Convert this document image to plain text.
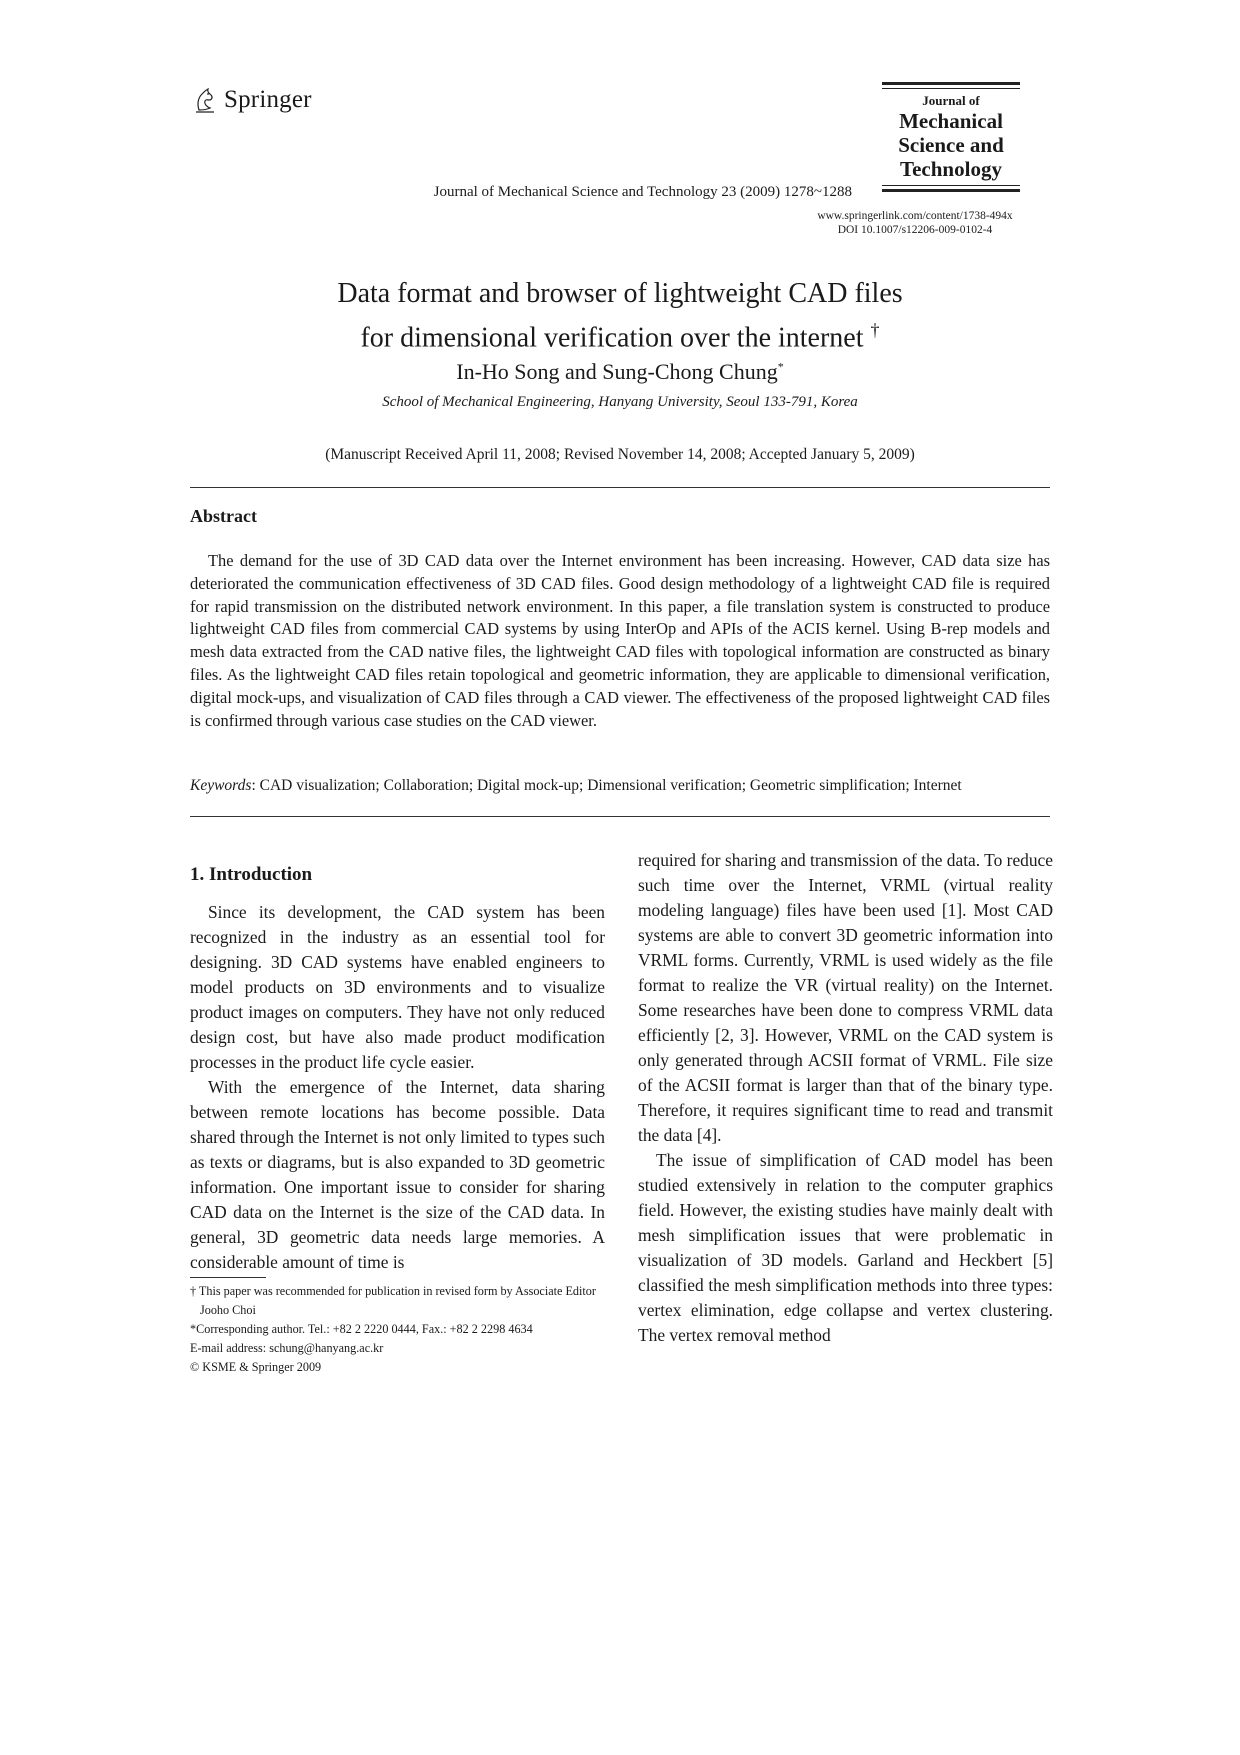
Springer	Journal of
Mechanical
Science and
Technology
Journal of Mechanical Science and Technology 23 (2009) 1278~1288
www.springerlink.com/content/1738-494x
DOI 10.1007/s12206-009-0102-4
Data format and browser of lightweight CAD files
for dimensional verification over the internet †
In-Ho Song and Sung-Chong Chung*
School of Mechanical Engineering, Hanyang University, Seoul 133-791, Korea
(Manuscript Received April 11, 2008; Revised November 14, 2008; Accepted January 5, 2009)
Abstract
The demand for the use of 3D CAD data over the Internet environment has been increasing. However, CAD data size has deteriorated the communication effectiveness of 3D CAD files. Good design methodology of a lightweight CAD file is required for rapid transmission on the distributed network environment. In this paper, a file translation system is constructed to produce lightweight CAD files from commercial CAD systems by using InterOp and APIs of the ACIS kernel. Using B-rep models and mesh data extracted from the CAD native files, the lightweight CAD files with topological information are constructed as binary files. As the lightweight CAD files retain topological and geometric information, they are applicable to dimensional verification, digital mock-ups, and visualization of CAD files through a CAD viewer. The effectiveness of the proposed lightweight CAD files is confirmed through various case studies on the CAD viewer.
Keywords: CAD visualization; Collaboration; Digital mock-up; Dimensional verification; Geometric simplification; Internet
1. Introduction

Since its development, the CAD system has been recognized in the industry as an essential tool for designing. 3D CAD systems have enabled engineers to model products on 3D environments and to visualize product images on computers. They have not only reduced design cost, but have also made product modification processes in the product life cycle easier.

With the emergence of the Internet, data sharing between remote locations has become possible. Data shared through the Internet is not only limited to types such as texts or diagrams, but is also expanded to 3D geometric information. One important issue to consider for sharing CAD data on the Internet is the size of the CAD data. In general, 3D geometric data needs large memories. A considerable amount of time is

required for sharing and transmission of the data. To reduce such time over the Internet, VRML (virtual reality modeling language) files have been used [1]. Most CAD systems are able to convert 3D geometric information into VRML forms. Currently, VRML is used widely as the file format to realize the VR (virtual reality) on the Internet. Some researches have been done to compress VRML data efficiently [2, 3]. However, VRML on the CAD system is only generated through ACSII format of VRML. File size of the ACSII format is larger than that of the binary type. Therefore, it requires significant time to read and transmit the data [4].

The issue of simplification of CAD model has been studied extensively in relation to the computer graphics field. However, the existing studies have mainly dealt with mesh simplification issues that were problematic in visualization of 3D models. Garland and Heckbert [5] classified the mesh simplification methods into three types: vertex elimination, edge collapse and vertex clustering. The vertex removal method

† This paper was recommended for publication in revised form by Associate Editor Jooho Choi
*Corresponding author. Tel.: +82 2 2220 0444, Fax.: +82 2 2298 4634
E-mail address: schung@hanyang.ac.kr
© KSME & Springer 2009
